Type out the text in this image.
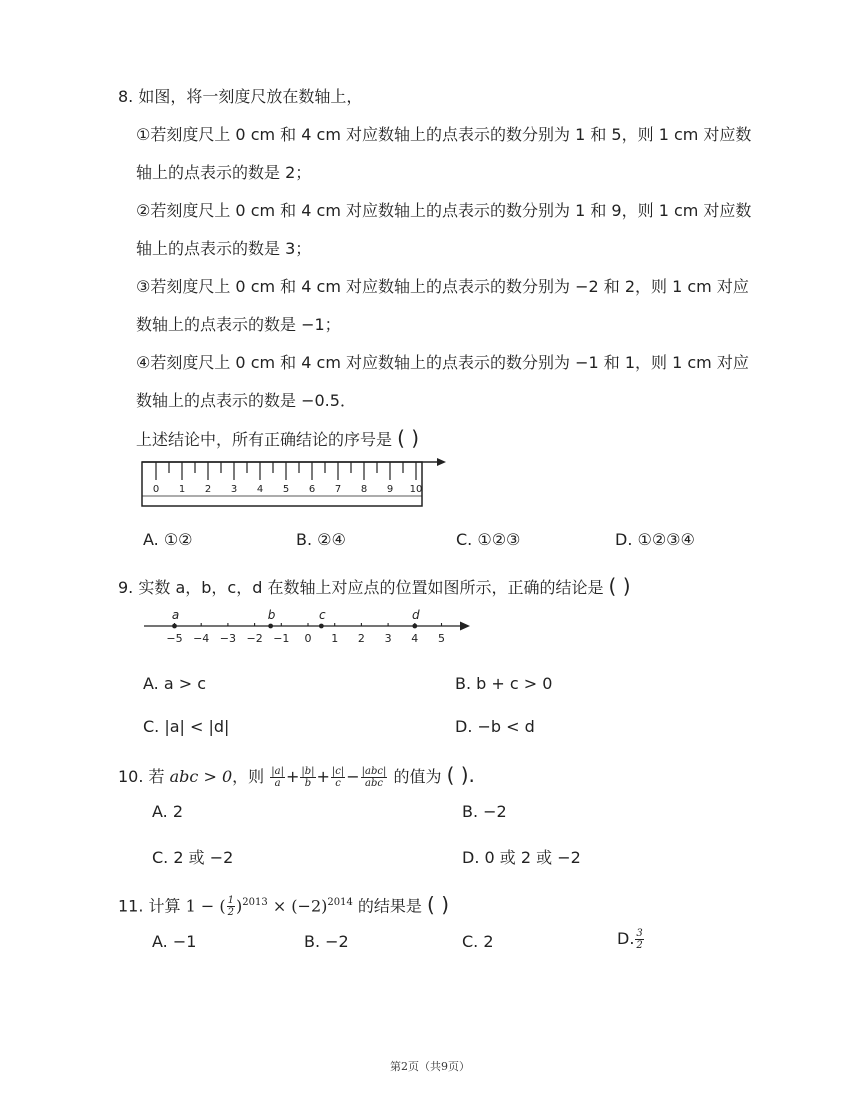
8. 如图，将一刻度尺放在数轴上，
①若刻度尺上 0 cm 和 4 cm 对应数轴上的点表示的数分别为 1 和 5，则 1 cm 对应数
轴上的点表示的数是 2；
②若刻度尺上 0 cm 和 4 cm 对应数轴上的点表示的数分别为 1 和 9，则 1 cm 对应数
轴上的点表示的数是 3；
③若刻度尺上 0 cm 和 4 cm 对应数轴上的点表示的数分别为 −2 和 2，则 1 cm 对应
数轴上的点表示的数是 −1；
④若刻度尺上 0 cm 和 4 cm 对应数轴上的点表示的数分别为 −1 和 1，则 1 cm 对应
数轴上的点表示的数是 −0.5．
上述结论中，所有正确结论的序号是 ( )
0 1 2 3 4 5 6 7 8 9 10
A. ①②	B. ②④	C. ①②③	D. ①②③④
9. 实数 a，b，c，d 在数轴上对应点的位置如图所示，正确的结论是 ( )
−5 −4 −3 −2 −1 0 1 2 3 4 5
a	b	c	d
A. a > c	B. b + c > 0
C. |a| < |d|	D. −b < d
10. 若 abc > 0，则 $\frac{|a|}{a} + \frac{|b|}{b} + \frac{|c|}{c} - \frac{\text{|abc|}}{\text{abc}}$ 的值为 ( ).
A. 2	B. −2
C. 2 或 −2	D. 0 或 2 或 −2
11. 计算 1 − ( $\frac{1}{2} )^{2013} \times (-2)^{2014}$ 的结果是 ( )
A. −1	B. −2	C. 2	D. $\frac{3}{2}$
第2页（共9页）
